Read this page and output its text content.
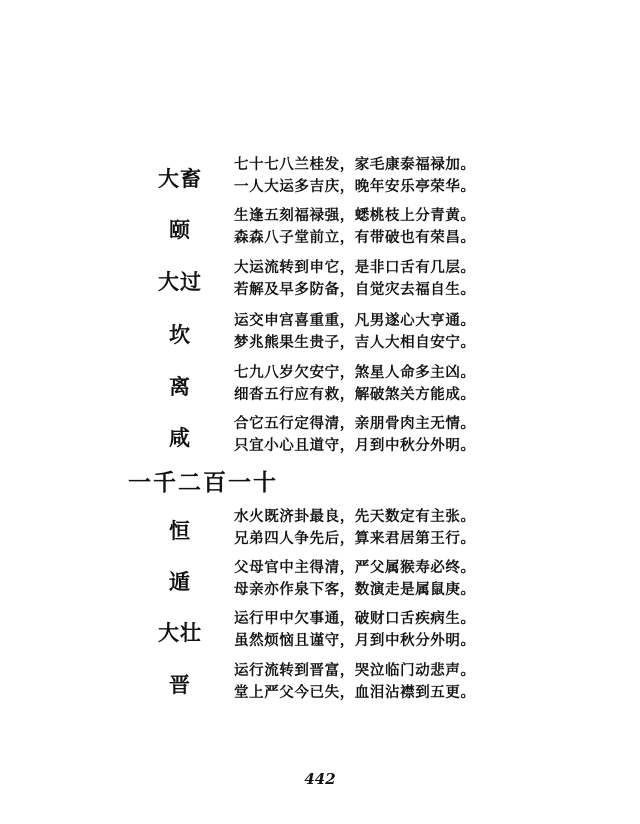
大畜
七十七八兰桂发，家毛康泰福禄加。
一人大运多吉庆，晚年安乐亭荣华。
颐
生逢五刻福禄强，蟋桃枝上分青黄。
森森八子堂前立，有带破也有荣昌。
大过
大运流转到申它，是非口舌有几层。
若解及早多防备，自觉灾去福自生。
坎
运交申宫喜重重，凡男遂心大亨通。
梦兆熊果生贵子，吉人大相自安宁。
离
七九八岁欠安宁，煞星人命多主凶。
细沓五行应有救，解破煞关方能成。
咸
合它五行定得清，亲朋骨肉主无情。
只宜小心且道守，月到中秋分外明。
一千二百一十
恒
水火既济卦最良，先天数定有主张。
兄弟四人争先后，算来君居第王行。
遁
父母官中主得清，严父属猴寿必终。
母亲亦作泉下客，数演走是属鼠庚。
大壮
运行甲中欠事通，破财口舌疾病生。
虽然烦恼且谨守，月到中秋分外明。
晋
运行流转到晋富，哭泣临门动悲声。
堂上严父今已失，血泪沾襟到五更。
442
